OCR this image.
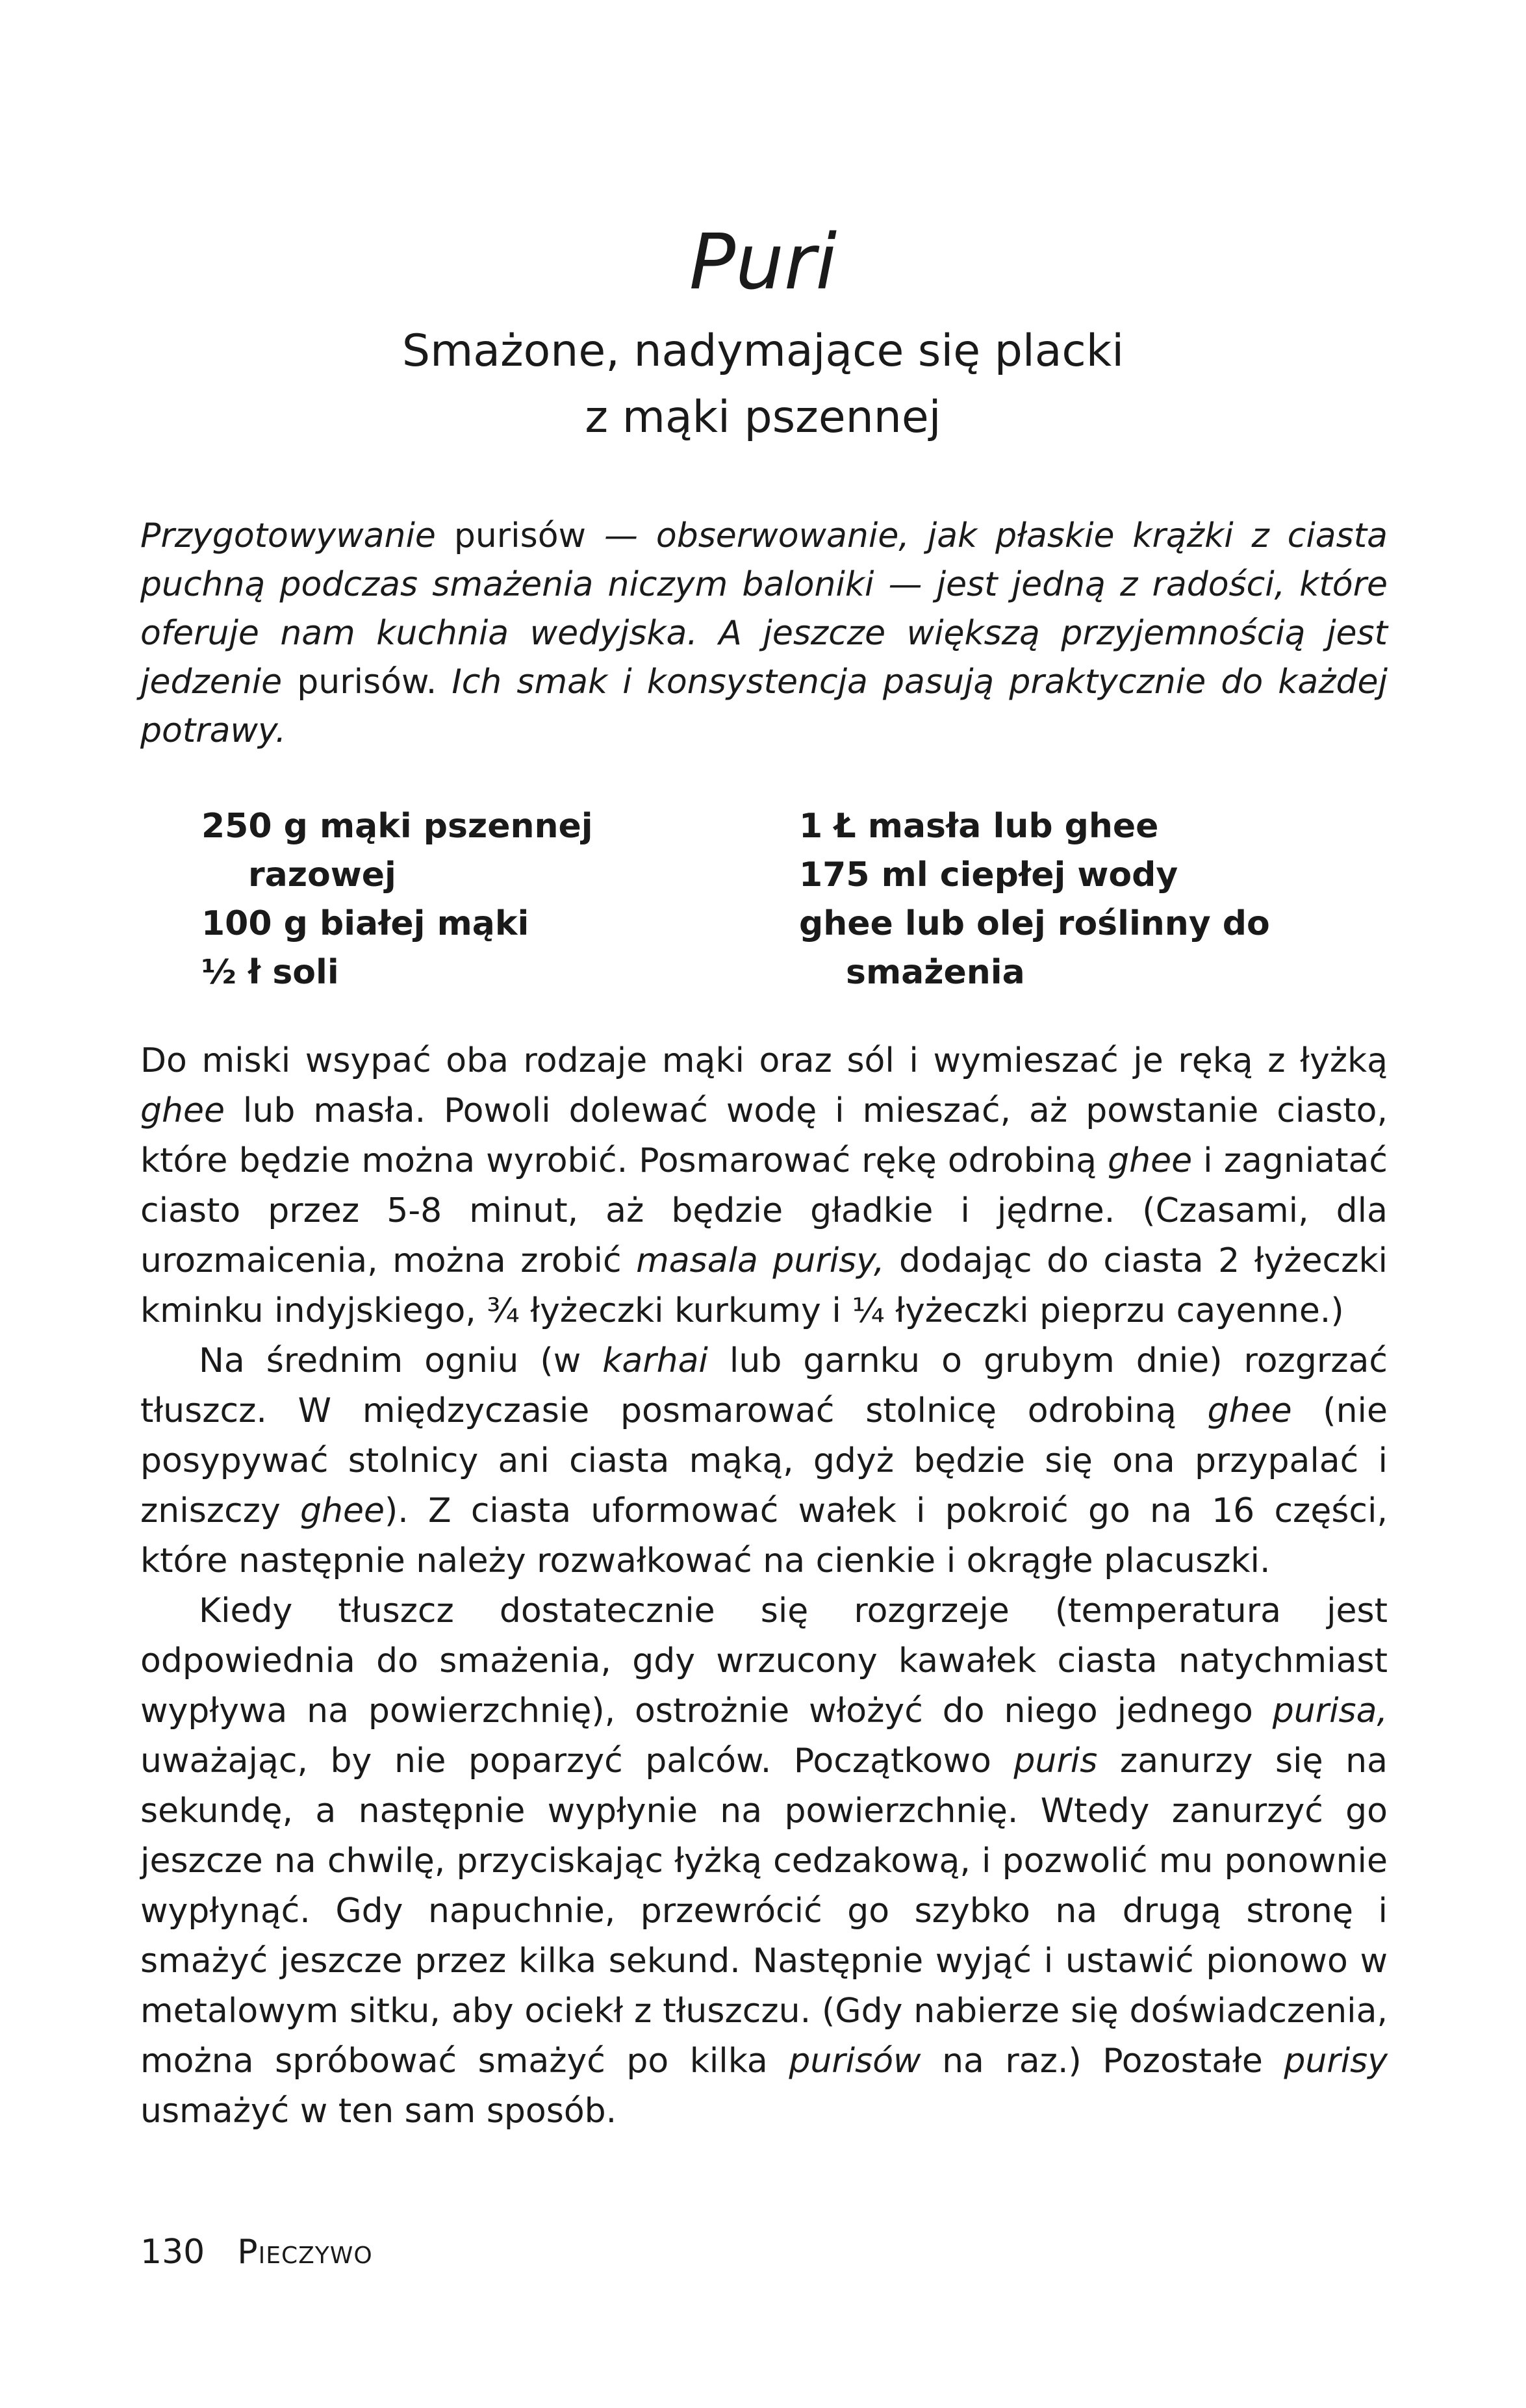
Puri
Smażone, nadymające się placki
z mąki pszennej
Przygotowywanie purisów — obserwowanie, jak płaskie krążki z ciasta puchną podczas smażenia niczym baloniki — jest jedną z radości, które oferuje nam kuchnia wedyjska. A jeszcze większą przyjemnością jest jedzenie purisów. Ich smak i konsystencja pasują praktycznie do każdej potrawy.
250 g mąki pszennej
razowej
100 g białej mąki
½ ł soli
1 Ł masła lub ghee
175 ml ciepłej wody
ghee lub olej roślinny do
smażenia

Do miski wsypać oba rodzaje mąki oraz sól i wymieszać je ręką z łyżką ghee lub masła. Powoli dolewać wodę i mieszać, aż powstanie ciasto, które będzie można wyrobić. Posmarować rękę odrobiną ghee i zagniatać ciasto przez 5-8 minut, aż będzie gładkie i jędrne. (Czasami, dla urozmaicenia, można zrobić masala purisy, dodając do ciasta 2 łyżeczki kminku indyjskiego, ¾ łyżeczki kurkumy i ¼ łyżeczki pieprzu cayenne.)

Na średnim ogniu (w karhai lub garnku o grubym dnie) rozgrzać tłuszcz. W międzyczasie posmarować stolnicę odrobiną ghee (nie posypywać stolnicy ani ciasta mąką, gdyż będzie się ona przypalać i zniszczy ghee). Z ciasta uformować wałek i pokroić go na 16 części, które następnie należy rozwałkować na cienkie i okrągłe placuszki.

Kiedy tłuszcz dostatecznie się rozgrzeje (temperatura jest odpowiednia do smażenia, gdy wrzucony kawałek ciasta natychmiast wypływa na powierzchnię), ostrożnie włożyć do niego jednego purisa, uważając, by nie poparzyć palców. Początkowo puris zanurzy się na sekundę, a następnie wypłynie na powierzchnię. Wtedy zanurzyć go jeszcze na chwilę, przyciskając łyżką cedzakową, i pozwolić mu ponownie wypłynąć. Gdy napuchnie, przewrócić go szybko na drugą stronę i smażyć jeszcze przez kilka sekund. Następnie wyjąć i ustawić pionowo w metalowym sitku, aby ociekł z tłuszczu. (Gdy nabierze się doświadczenia, można spróbować smażyć po kilka purisów na raz.) Pozostałe purisy usmażyć w ten sam sposób.

130 Pieczywo
